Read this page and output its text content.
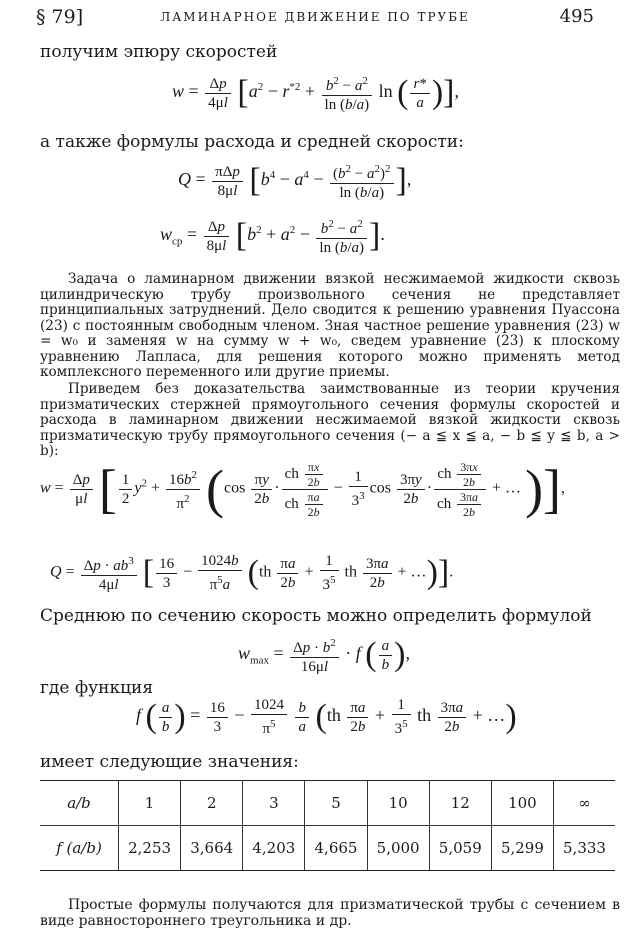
§ 79]	ЛАМИНАРНОЕ ДВИЖЕНИЕ ПО ТРУБЕ	495
получим эпюру скоростей
$w = \frac{\Delta p}{4\mu l} [a^2 - r^{*2} + \frac{b^2 - a^2}{\ln (b/a)}$ ln ( $\frac{r*}{a}$ )],
а также формулы расхода и средней скорости:
$Q = \frac{\text{πΔp}}{8\mu l} [b^4 - a^4 - \frac{(b^2 - a^2)^2}{\ln (b/a)}$ ],
$w_{ср} = \frac{\Delta p}{8\mu l} [b^2 + a^2 - \frac{b^2 - a^2}{\ln (b/a)}$ ].
Задача о ламинарном движении вязкой несжимаемой жидкости сквозь цилиндрическую трубу произвольного сечения не представляет принципиальных затруднений. Дело сводится к решению уравнения Пуассона (23) с постоянным свободным членом. Зная частное решение уравнения (23) w = w₀ и заменяя w на сумму w + w₀, сведем уравнение (23) к плоскому уравнению Лапласа, для решения которого можно применять метод комплексного переменного или другие приемы.
Приведем без доказательства заимствованные из теории кручения призматических стержней прямоугольного сечения формулы скоростей и расхода в ламинарном движении несжимаемой вязкой жидкости сквозь призматическую трубу прямоугольного сечения (− a ≦ x ≦ a, − b ≦ y ≦ b, a > b):
$w = \frac{\Delta p}{\mu l}$ [ $\frac{1}{2} y^2 + \frac{16b^2}{\pi^2} (\cos \frac{\pi y}{2b} \cdot \frac{ch \frac{\pi x}{2b}}{ch \frac{\pi a}{2b}} - \frac{1}{3^3}$ $\cos \frac{3\pi y}{2b} \cdot \frac{ch \frac{3\pi x}{2b}}{ch \frac{3\pi a}{2b}}$ + … )],
$Q = \frac{\Delta p \cdot ab^3}{4\mu l}$ [ $\frac{16}{3} - \frac{1024b}{\pi^5a} (th \frac{\pi a}{2b} + \frac{1}{3^5}$ th $\frac{3\pi a}{2b}$ + …)].
Среднюю по сечению скорость можно определить формулой
$w_{max} = \frac{\Delta p \cdot b^2}{16\mu l} \cdot f$ ( $\frac{a}{b}$ ),
где функция
f ( $\frac{a}{b}$ ) = $\frac{16}{3} - \frac{1024}{\pi^5}$
$\frac{b}{a} (th \frac{\pi a}{2b} + \frac{1}{3^5}$ th $\frac{3\pi a}{2b}$ + …)
имеет следующие значения:
a/b	1	2	3	5	10	12	100	∞
f (a/b)	2,253	3,664	4,203	4,665	5,000	5,059	5,299	5,333
Простые формулы получаются для призматической трубы с сечением в виде равностороннего треугольника и др.
